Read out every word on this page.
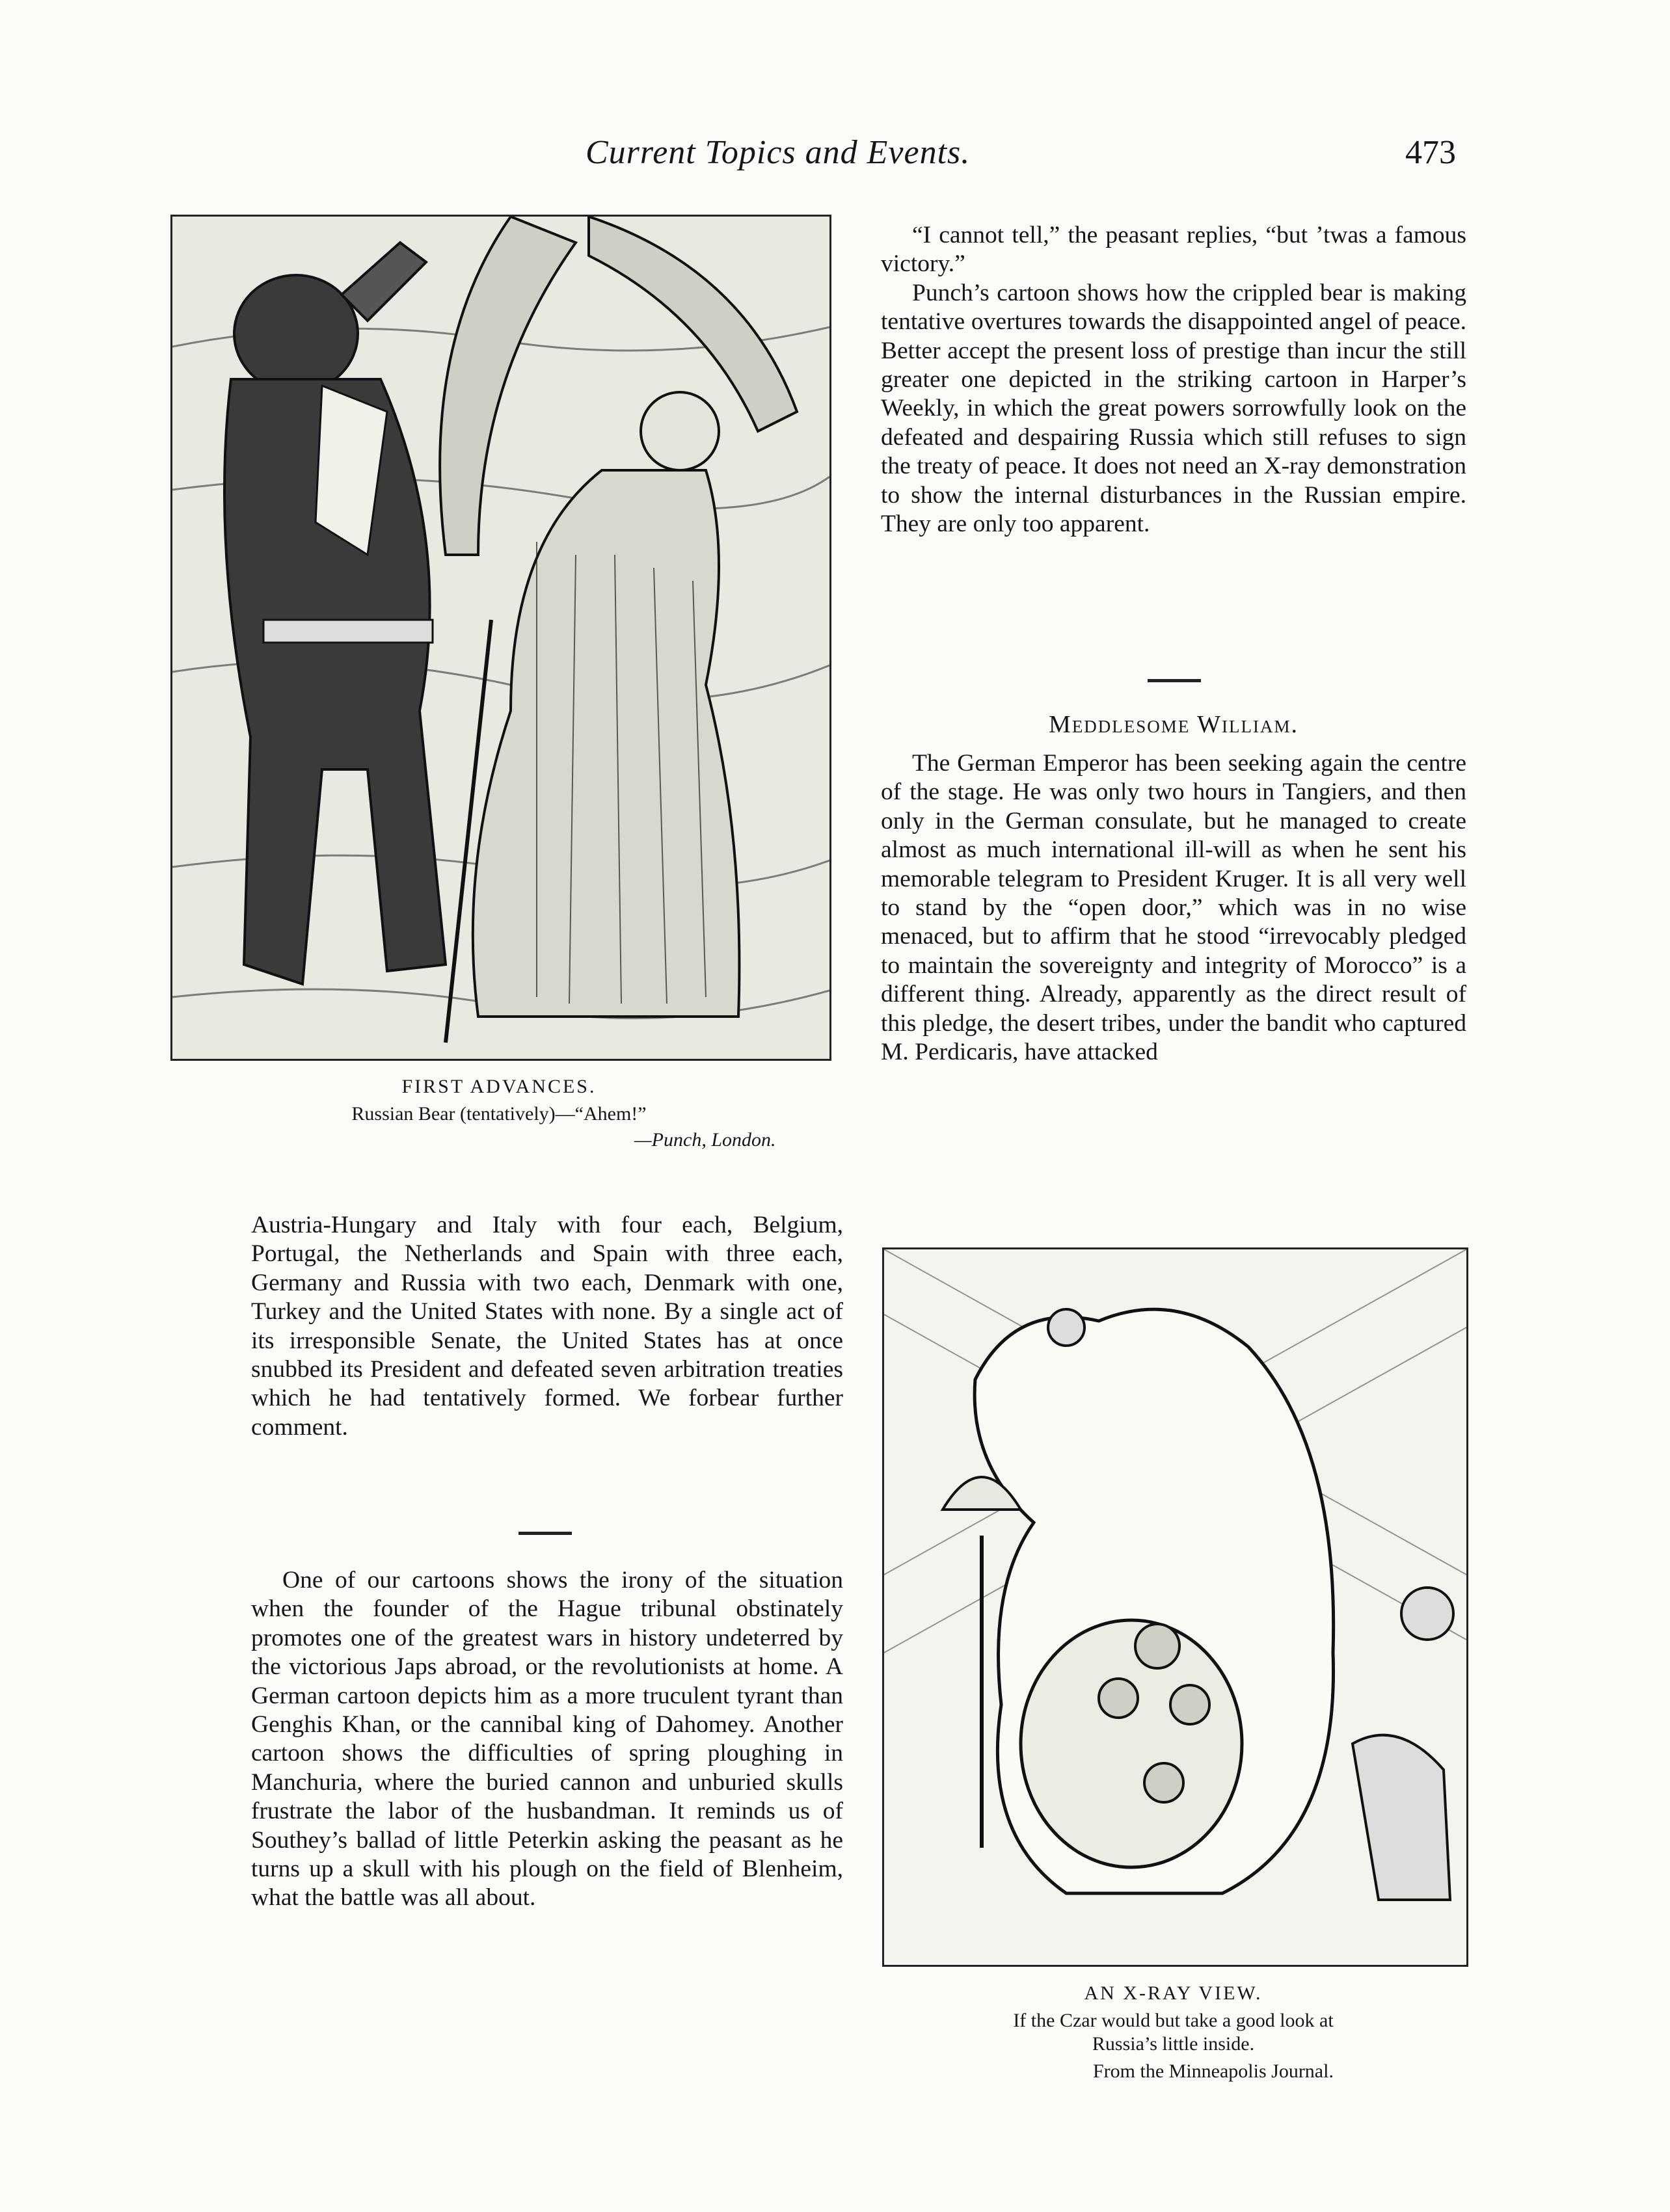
Current Topics and Events.	473
FIRST ADVANCES.
Russian Bear (tentatively)—“Ahem!”
—Punch, London.

“I cannot tell,” the peasant replies, “but ’twas a famous victory.”

Punch’s cartoon shows how the crippled bear is making tentative overtures towards the disappointed angel of peace. Better accept the present loss of prestige than incur the still greater one depicted in the striking cartoon in Harper’s Weekly, in which the great powers sorrowfully look on the defeated and despairing Russia which still refuses to sign the treaty of peace. It does not need an X-ray demonstration to show the internal disturbances in the Russian empire. They are only too apparent.

Meddlesome William.

The German Emperor has been seeking again the centre of the stage. He was only two hours in Tangiers, and then only in the German consulate, but he managed to create almost as much international ill-will as when he sent his memorable telegram to President Kruger. It is all very well to stand by the “open door,” which was in no wise menaced, but to affirm that he stood “irrevocably pledged to maintain the sovereignty and integrity of Morocco” is a different thing. Already, apparently as the direct result of this pledge, the desert tribes, under the bandit who captured M. Perdicaris, have attacked

AN X-RAY VIEW.
If the Czar would but take a good look at
Russia’s little inside.
From the Minneapolis Journal.

Austria-Hungary and Italy with four each, Belgium, Portugal, the Netherlands and Spain with three each, Germany and Russia with two each, Denmark with one, Turkey and the United States with none. By a single act of its irresponsible Senate, the United States has at once snubbed its President and defeated seven arbitration treaties which he had tentatively formed. We forbear further comment.

One of our cartoons shows the irony of the situation when the founder of the Hague tribunal obstinately promotes one of the greatest wars in history undeterred by the victorious Japs abroad, or the revolutionists at home. A German cartoon depicts him as a more truculent tyrant than Genghis Khan, or the cannibal king of Dahomey. Another cartoon shows the difficulties of spring ploughing in Manchuria, where the buried cannon and unburied skulls frustrate the labor of the husbandman. It reminds us of Southey’s ballad of little Peterkin asking the peasant as he turns up a skull with his plough on the field of Blenheim, what the battle was all about.
